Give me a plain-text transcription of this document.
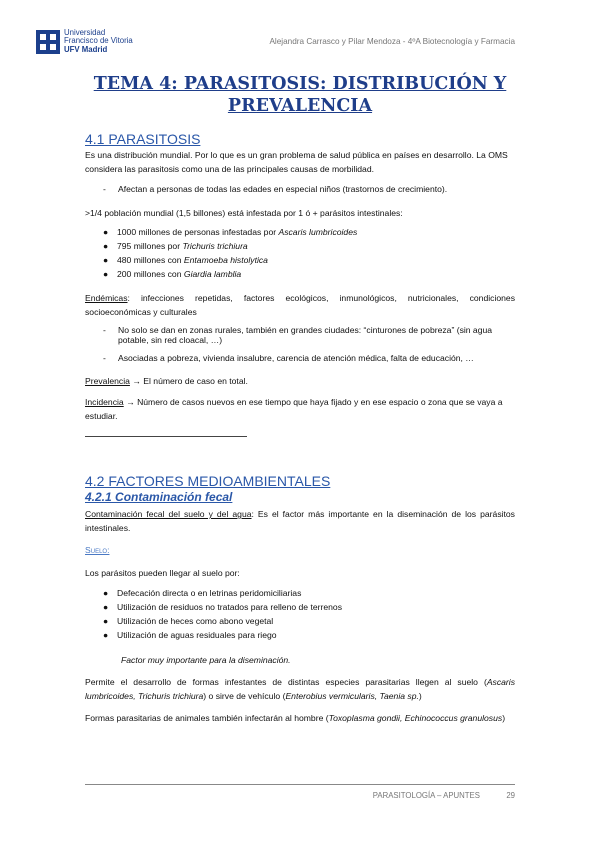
Universidad
Francisco de Vitoria
UFV Madrid
Alejandra Carrasco y Pilar Mendoza - 4ºA Biotecnología y Farmacia
TEMA 4: PARASITOSIS: DISTRIBUCIÓN Y
PREVALENCIA
4.1 PARASITOSIS
Es una distribución mundial. Por lo que es un gran problema de salud pública en países en desarrollo. La OMS considera las parasitosis como una de las principales causas de morbilidad.
- Afectan a personas de todas las edades en especial niños (trastornos de crecimiento).
>1/4 población mundial (1,5 billones) está infestada por 1 ó + parásitos intestinales:
● 1000 millones de personas infestadas por Ascaris lumbricoides
● 795 millones por Trichuris trichiura
● 480 millones con Entamoeba histolytica
● 200 millones con Giardia lamblia
Endémicas: infecciones repetidas, factores ecológicos, inmunológicos, nutricionales, condiciones socioeconómicas y culturales
- No solo se dan en zonas rurales, también en grandes ciudades: “cinturones de pobreza” (sin agua potable, sin red cloacal, …)
- Asociadas a pobreza, vivienda insalubre, carencia de atención médica, falta de educación, …
Prevalencia → El número de caso en total.
Incidencia → Número de casos nuevos en ese tiempo que haya fijado y en ese espacio o zona que se vaya a estudiar.
4.2 FACTORES MEDIOAMBIENTALES
4.2.1 Contaminación fecal
Contaminación fecal del suelo y del agua: Es el factor más importante en la diseminación de los parásitos intestinales.
Suelo:
Los parásitos pueden llegar al suelo por:
● Defecación directa o en letrinas peridomiciliarias
● Utilización de residuos no tratados para relleno de terrenos
● Utilización de heces como abono vegetal
● Utilización de aguas residuales para riego
Factor muy importante para la diseminación.
Permite el desarrollo de formas infestantes de distintas especies parasitarias llegen al suelo (Ascaris lumbricoides, Trichuris trichiura) o sirve de vehículo (Enterobius vermicularis, Taenia sp.)
Formas parasitarias de animales también infectarán al hombre (Toxoplasma gondii, Echinococcus granulosus)
PARASITOLOGÍA – APUNTES	29
